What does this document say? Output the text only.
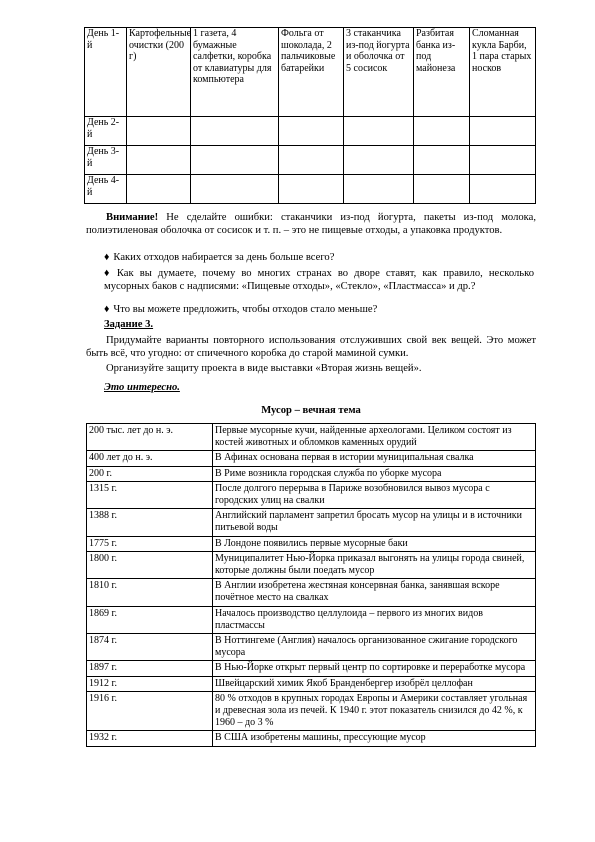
День 1-й	Картофельные очистки (200 г)	1 газета, 4 бумажные салфетки, коробка от клавиатуры для компьютера	Фольга от шоколада, 2 пальчиковые батарейки	3 стаканчика из-под йогурта и оболочка от 5 сосисок	Разбитая банка из-под майонеза	Сломанная кукла Барби, 1 пара старых носков
День 2-й						
День 3-й						
День 4-й						
Внимание! Не сделайте ошибки: стаканчики из-под йогурта, пакеты из-под молока, полиэтиленовая оболочка от сосисок и т. п. – это не пищевые отходы, а упаковка продуктов.
♦ Каких отходов набирается за день больше всего?
♦ Как вы думаете, почему во многих странах во дворе ставят, как правило, несколько мусорных баков с надписями: «Пищевые отходы», «Стекло», «Пластмасса» и др.?
♦ Что вы можете предложить, чтобы отходов стало меньше?
Задание 3.
Придумайте варианты повторного использования отслуживших свой век вещей. Это может быть всё, что угодно: от спичечного коробка до старой маминой сумки.
Организуйте защиту проекта в виде выставки «Вторая жизнь вещей».
Это интересно.
Мусор – вечная тема
200 тыс. лет до н. э.	Первые мусорные кучи, найденные археологами. Целиком состоят из костей животных и обломков каменных орудий
400 лет до н. э.	В Афинах основана первая в истории муниципальная свалка
200 г.	В Риме возникла городская служба по уборке мусора
1315 г.	После долгого перерыва в Париже возобновился вывоз мусора с городских улиц на свалки
1388 г.	Английский парламент запретил бросать мусор на улицы и в источники питьевой воды
1775 г.	В Лондоне появились первые мусорные баки
1800 г.	Муниципалитет Нью-Йорка приказал выгонять на улицы города свиней, которые должны были поедать мусор
1810 г.	В Англии изобретена жестяная консервная банка, занявшая вскоре почётное место на свалках
1869 г.	Началось производство целлулоида – первого из многих видов пластмассы
1874 г.	В Ноттингеме (Англия) началось организованное сжигание городского мусора
1897 г.	В Нью-Йорке открыт первый центр по сортировке и переработке мусора
1912 г.	Швейцарский химик Якоб Бранденбергер изобрёл целлофан
1916 г.	80 % отходов в крупных городах Европы и Америки составляет угольная и древесная зола из печей. К 1940 г. этот показатель снизился до 42 %, к 1960 – до 3 %
1932 г.	В США изобретены машины, прессующие мусор
